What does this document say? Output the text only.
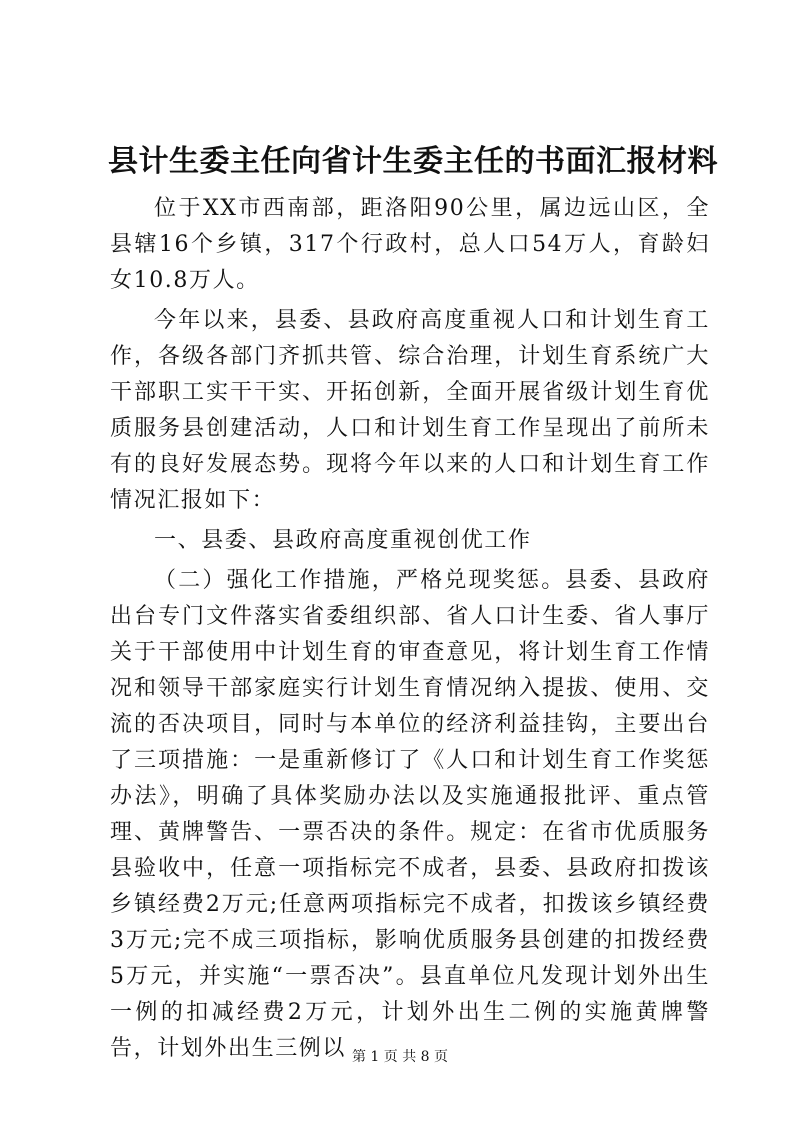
县计生委主任向省计生委主任的书面汇报材料

位于XX市西南部，距洛阳90公里，属边远山区，全县辖16个乡镇，317个行政村，总人口54万人，育龄妇女10.8万人。

今年以来，县委、县政府高度重视人口和计划生育工作，各级各部门齐抓共管、综合治理，计划生育系统广大干部职工实干干实、开拓创新，全面开展省级计划生育优质服务县创建活动，人口和计划生育工作呈现出了前所未有的良好发展态势。现将今年以来的人口和计划生育工作情况汇报如下：

一、县委、县政府高度重视创优工作

（二）强化工作措施，严格兑现奖惩。县委、县政府出台专门文件落实省委组织部、省人口计生委、省人事厅关于干部使用中计划生育的审查意见，将计划生育工作情况和领导干部家庭实行计划生育情况纳入提拔、使用、交流的否决项目，同时与本单位的经济利益挂钩，主要出台了三项措施：一是重新修订了《人口和计划生育工作奖惩办法》，明确了具体奖励办法以及实施通报批评、重点管理、黄牌警告、一票否决的条件。规定：在省市优质服务县验收中，任意一项指标完不成者，县委、县政府扣拨该乡镇经费2万元;任意两项指标完不成者，扣拨该乡镇经费3万元;完不成三项指标，影响优质服务县创建的扣拨经费5万元，并实施“一票否决”。县直单位凡发现计划外出生一例的扣减经费2万元，计划外出生二例的实施黄牌警告，计划外出生三例以 第 1 页 共 8 页
